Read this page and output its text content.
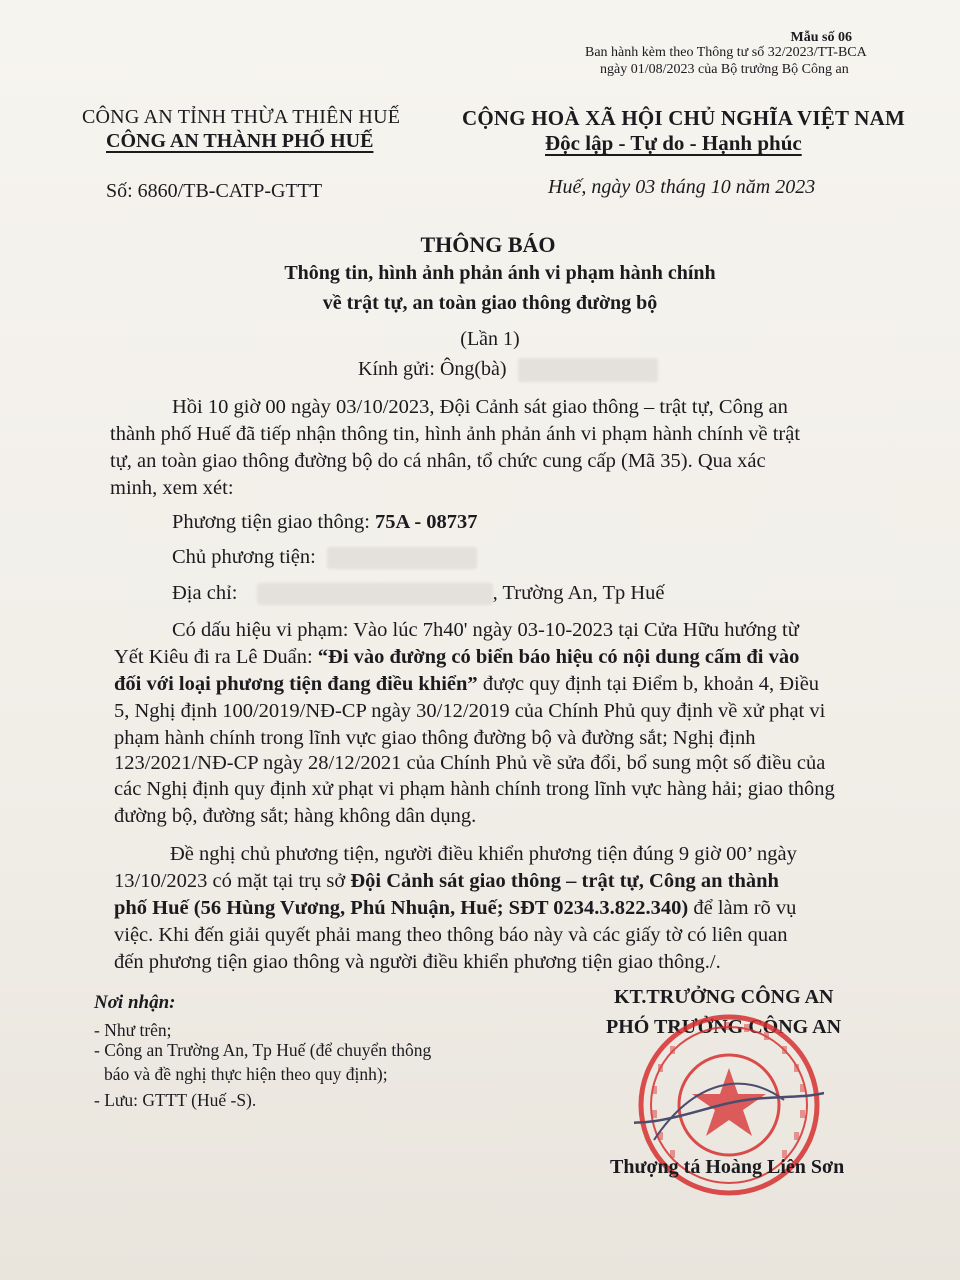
Mẫu số 06
Ban hành kèm theo Thông tư số 32/2023/TT-BCA
ngày 01/08/2023 của Bộ trưởng Bộ Công an
CÔNG AN TỈNH THỪA THIÊN HUẾ
CÔNG AN THÀNH PHỐ HUẾ
CỘNG HOÀ XÃ HỘI CHỦ NGHĨA VIỆT NAM
Độc lập - Tự do - Hạnh phúc
Số: 6860/TB-CATP-GTTT	Huế, ngày 03 tháng 10 năm 2023
THÔNG BÁO
Thông tin, hình ảnh phản ánh vi phạm hành chính
về trật tự, an toàn giao thông đường bộ
(Lần 1)
Kính gửi: Ông(bà)
Hồi 10 giờ 00 ngày 03/10/2023, Đội Cảnh sát giao thông – trật tự, Công an
thành phố Huế đã tiếp nhận thông tin, hình ảnh phản ánh vi phạm hành chính về trật
tự, an toàn giao thông đường bộ do cá nhân, tổ chức cung cấp (Mã 35). Qua xác
minh, xem xét:
Phương tiện giao thông: 75A - 08737
Chủ phương tiện:
Địa chỉ:	, Trường An, Tp Huế
Có dấu hiệu vi phạm: Vào lúc 7h40' ngày 03-10-2023 tại Cửa Hữu hướng từ
Yết Kiêu đi ra Lê Duẩn: “Đi vào đường có biển báo hiệu có nội dung cấm đi vào
đối với loại phương tiện đang điều khiển” được quy định tại Điểm b, khoản 4, Điều
5, Nghị định 100/2019/NĐ-CP ngày 30/12/2019 của Chính Phủ quy định về xử phạt vi
phạm hành chính trong lĩnh vực giao thông đường bộ và đường sắt; Nghị định
123/2021/NĐ-CP ngày 28/12/2021 của Chính Phủ về sửa đổi, bổ sung một số điều của
các Nghị định quy định xử phạt vi phạm hành chính trong lĩnh vực hàng hải; giao thông
đường bộ, đường sắt; hàng không dân dụng.
Đề nghị chủ phương tiện, người điều khiển phương tiện đúng 9 giờ 00’ ngày
13/10/2023 có mặt tại trụ sở Đội Cảnh sát giao thông – trật tự, Công an thành
phố Huế (56 Hùng Vương, Phú Nhuận, Huế; SĐT 0234.3.822.340) để làm rõ vụ
việc. Khi đến giải quyết phải mang theo thông báo này và các giấy tờ có liên quan
đến phương tiện giao thông và người điều khiển phương tiện giao thông./.
Nơi nhận:
- Như trên;
- Công an Trường An, Tp Huế (để chuyển thông
báo và đề nghị thực hiện theo quy định);
- Lưu: GTTT (Huế -S).
KT.TRƯỞNG CÔNG AN
PHÓ TRƯỞNG CÔNG AN
Thượng tá Hoàng Liên Sơn
